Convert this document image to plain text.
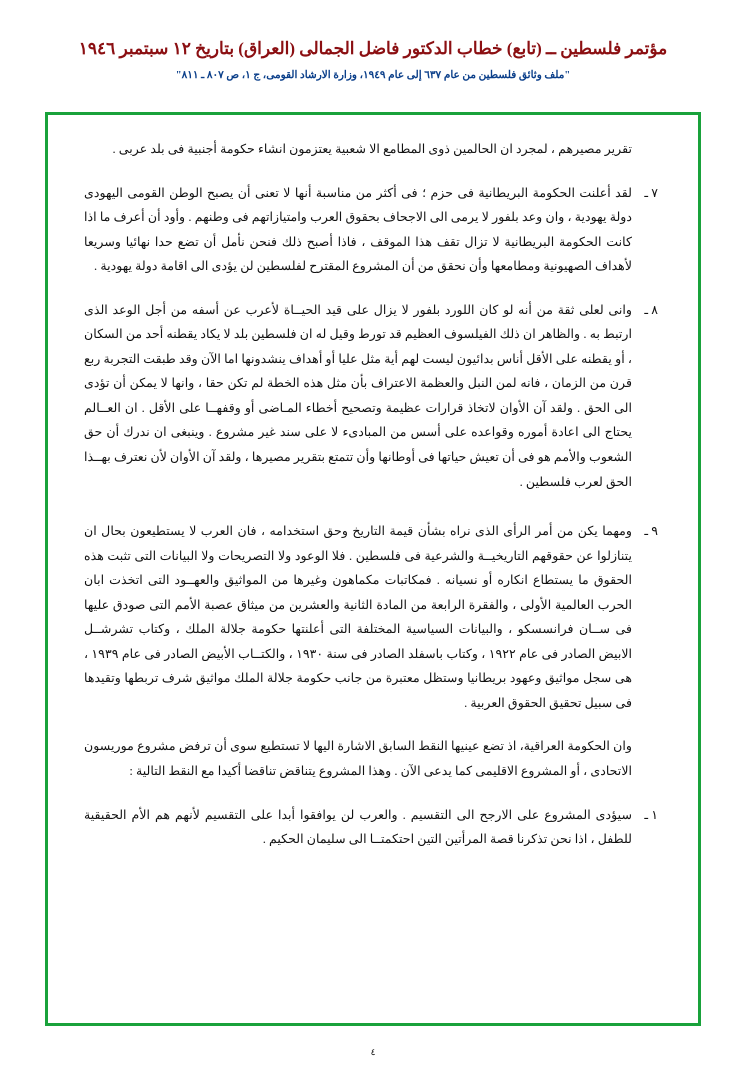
مؤتمر فلسطين ــ (تابع) خطاب الدكتور فاضل الجمالى (العراق) بتاريخ ١٢ سبتمبر ١٩٤٦
"ملف وثائق فلسطين من عام ٦٣٧ إلى عام ١٩٤٩، وزارة الارشاد القومى، ج ١، ص ٨٠٧ ـ ٨١١"
تقرير مصيرهم ، لمجرد ان الحالمين ذوى المطامع الا شعبية يعتزمون انشاء حكومة أجنبية فى بلد عربى .
٧ ـ
لقد أعلنت الحكومة البريطانية فى حزم ؛ فى أكثر من مناسبة أنها لا تعنى أن يصبح الوطن القومى اليهودى دولة يهودية ، وان وعد بلفور لا يرمى الى الاجحاف بحقوق العرب وامتيازاتهم فى وطنهم . وأود أن أعرف ما اذا كانت الحكومة البريطانية لا تزال تقف هذا الموقف ، فاذا أصبح ذلك فنحن نأمل أن تضع حدا نهائيا وسريعا لأهداف الصهيونية ومطامعها وأن نحقق من أن المشروع المقترح لفلسطين لن يؤدى الى اقامة دولة يهودية .
٨ ـ
وانى لعلى ثقة من أنه لو كان اللورد بلفور لا يزال على قيد الحيــاة لأعرب عن أسفه من أجل الوعد الذى ارتبط به . والظاهر ان ذلك الفيلسوف العظيم قد تورط وقيل له ان فلسطين بلد لا يكاد يقطنه أحد من السكان ، أو يقطنه على الأقل أناس بدائيون ليست لهم أية مثل عليا أو أهداف ينشدونها اما الآن وقد طبقت التجربة ربع قرن من الزمان ، فانه لمن النبل والعظمة الاعتراف بأن مثل هذه الخطة لم تكن حقا ، وانها لا يمكن أن تؤدى الى الحق . ولقد آن الأوان لاتخاذ قرارات عظيمة وتصحيح أخطاء المـاضى أو وقفهــا على الأقل . ان العــالم يحتاج الى اعادة أموره وقواعده على أسس من المبادىء لا على سند غير مشروع . وينبغى ان ندرك أن حق الشعوب والأمم هو فى أن تعيش حياتها فى أوطانها وأن تتمتع بتقرير مصيرها ، ولقد آن الأوان لأن نعترف بهــذا الحق لعرب فلسطين .
٩ ـ
ومهما يكن من أمر الرأى الذى نراه بشأن قيمة التاريخ وحق استخدامه ، فان العرب لا يستطيعون بحال ان يتنازلوا عن حقوقهم التاريخيــة والشرعية فى فلسطين . فلا الوعود ولا التصريحات ولا البيانات التى تثبت هذه الحقوق ما يستطاع انكاره أو نسيانه . فمكاتبات مكماهون وغيرها من المواثيق والعهــود التى اتخذت ابان الحرب العالمية الأولى ، والفقرة الرابعة من المادة الثانية والعشرين من ميثاق عصبة الأمم التى صودق عليها فى ســان فرانسسكو ، والبيانات السياسية المختلفة التى أعلنتها حكومة جلالة الملك ، وكتاب تشرشــل الابيض الصادر فى عام ١٩٢٢ ، وكتاب باسفلد الصادر فى سنة ١٩٣٠ ، والكتــاب الأبيض الصادر فى عام ١٩٣٩ ، هى سجل مواثيق وعهود بريطانيا وستظل معتبرة من جانب حكومة جلالة الملك مواثيق شرف تربطها وتقيدها فى سبيل تحقيق الحقوق العربية .
وان الحكومة العراقية، اذ تضع عينيها النقط السابق الاشارة اليها لا تستطيع سوى أن ترفض مشروع موريسون الاتحادى ، أو المشروع الاقليمى كما يدعى الآن . وهذا المشروع يتناقض تناقضا أكيدا مع النقط التالية :
١ ـ
سيؤدى المشروع على الارجح الى التقسيم . والعرب لن يوافقوا أبدا على التقسيم لأنهم هم الأم الحقيقية للطفل ، اذا نحن تذكرنا قصة المرأتين التين احتكمتــا الى سليمان الحكيم .
٤
